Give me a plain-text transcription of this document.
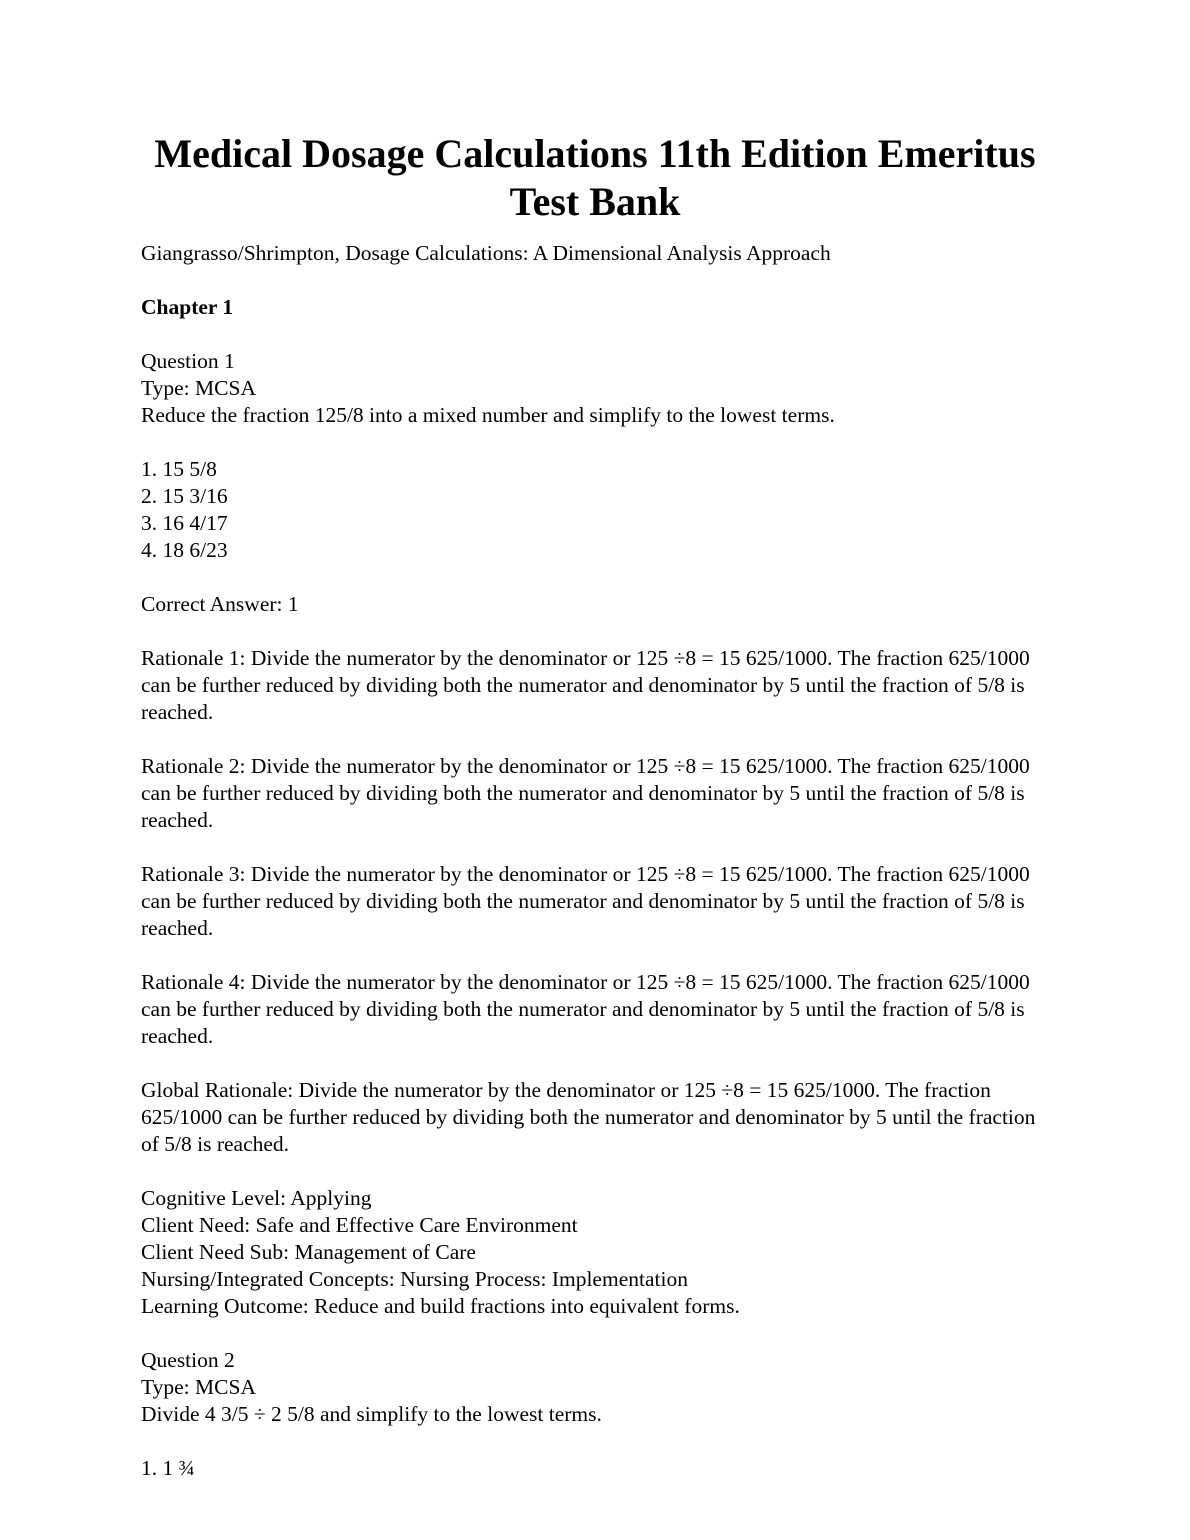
Medical Dosage Calculations 11th Edition Emeritus
Test Bank

Giangrasso/Shrimpton, Dosage Calculations: A Dimensional Analysis Approach

Chapter 1

Question 1

Type: MCSA

Reduce the fraction 125/8 into a mixed number and simplify to the lowest terms.

1. 15 5/8

2. 15 3/16

3. 16 4/17

4. 18 6/23

Correct Answer: 1

Rationale 1: Divide the numerator by the denominator or 125 ÷8 = 15 625/1000. The fraction 625/1000 can be further reduced by dividing both the numerator and denominator by 5 until the fraction of 5/8 is reached.

Rationale 2: Divide the numerator by the denominator or 125 ÷8 = 15 625/1000. The fraction 625/1000 can be further reduced by dividing both the numerator and denominator by 5 until the fraction of 5/8 is reached.

Rationale 3: Divide the numerator by the denominator or 125 ÷8 = 15 625/1000. The fraction 625/1000 can be further reduced by dividing both the numerator and denominator by 5 until the fraction of 5/8 is reached.

Rationale 4: Divide the numerator by the denominator or 125 ÷8 = 15 625/1000. The fraction 625/1000 can be further reduced by dividing both the numerator and denominator by 5 until the fraction of 5/8 is reached.

Global Rationale: Divide the numerator by the denominator or 125 ÷8 = 15 625/1000. The fraction 625/1000 can be further reduced by dividing both the numerator and denominator by 5 until the fraction of 5/8 is reached.

Cognitive Level: Applying

Client Need: Safe and Effective Care Environment

Client Need Sub: Management of Care

Nursing/Integrated Concepts: Nursing Process: Implementation

Learning Outcome: Reduce and build fractions into equivalent forms.

Question 2

Type: MCSA

Divide 4 3/5 ÷ 2 5/8 and simplify to the lowest terms.

1. 1 ¾
